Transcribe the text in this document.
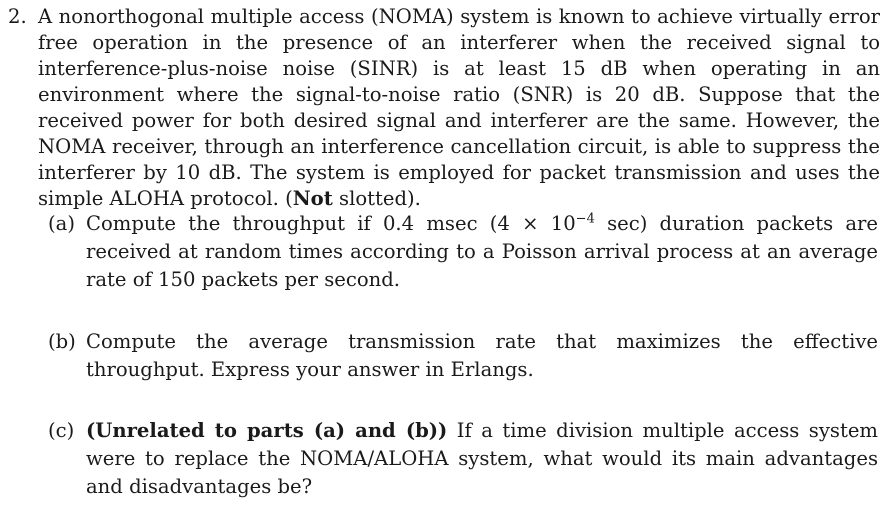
2. A nonorthogonal multiple access (NOMA) system is known to achieve virtually error free operation in the presence of an interferer when the received signal to interference-plus-noise noise (SINR) is at least 15 dB when operating in an environment where the signal-to-noise ratio (SNR) is 20 dB. Suppose that the received power for both desired signal and interferer are the same. However, the NOMA receiver, through an interference cancellation circuit, is able to suppress the interferer by 10 dB. The system is employed for packet transmission and uses the simple ALOHA protocol. (Not slotted).
(a) Compute the throughput if 0.4 msec ($4 \times 10^{-4}$ sec) duration packets are received at random times according to a Poisson arrival process at an average rate of 150 packets per second.
(b) Compute the average transmission rate that maximizes the effective throughput. Express your answer in Erlangs.
(c) (Unrelated to parts (a) and (b)) If a time division multiple access system were to replace the NOMA/ALOHA system, what would its main advantages and disadvantages be?
